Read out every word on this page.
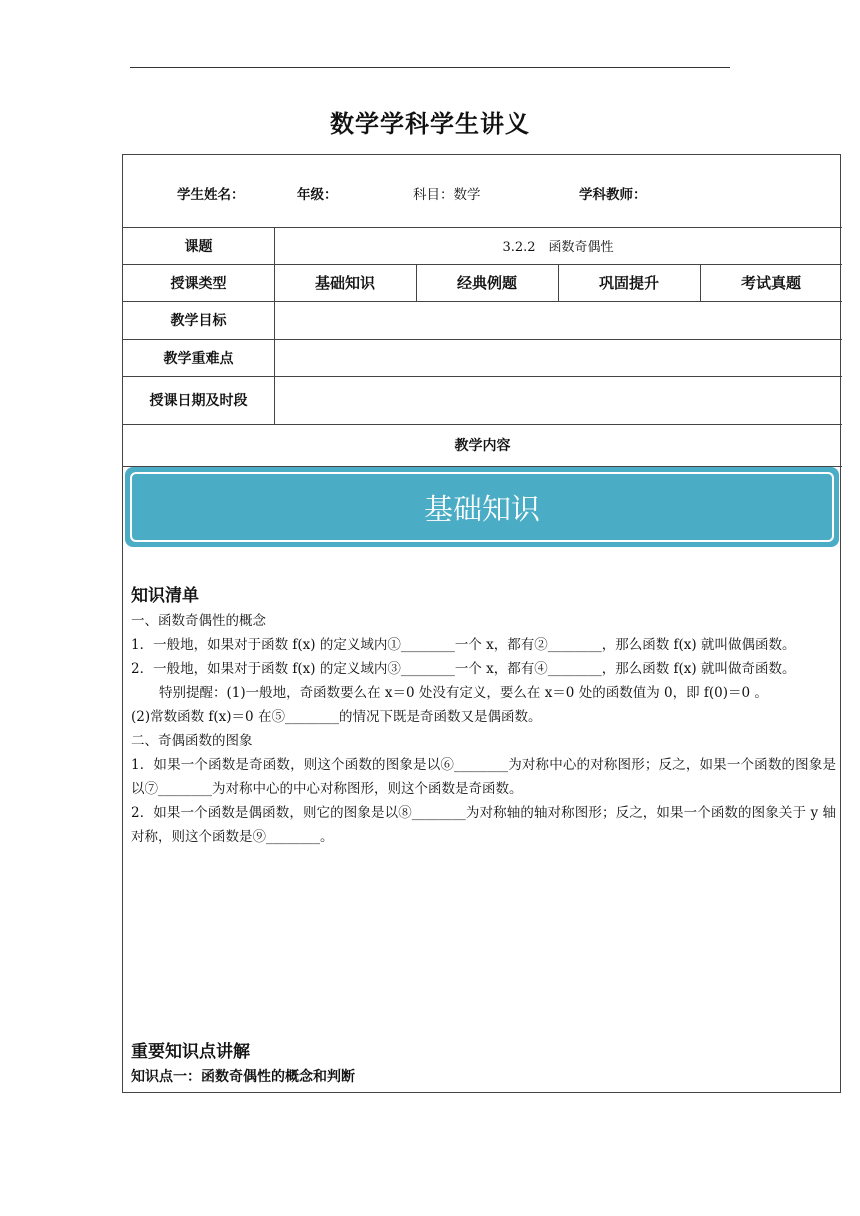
数学学科学生讲义
学生姓名：	年级：	科目：数学	学科教师：
课题	3.2.2　函数奇偶性
授课类型	基础知识	经典例题	巩固提升	考试真题
教学目标
教学重难点
授课日期及时段
教学内容
基础知识
知识清单

一、函数奇偶性的概念

1．一般地，如果对于函数 f(x) 的定义域内①________一个 x，都有②________，那么函数 f(x) 就叫做偶函数。

2．一般地，如果对于函数 f(x) 的定义域内③________一个 x，都有④________，那么函数 f(x) 就叫做奇函数。

特别提醒：(1)一般地，奇函数要么在 x＝0 处没有定义，要么在 x＝0 处的函数值为 0，即 f(0)＝0 。

(2)常数函数 f(x)＝0 在⑤________的情况下既是奇函数又是偶函数。

二、奇偶函数的图象

1．如果一个函数是奇函数，则这个函数的图象是以⑥________为对称中心的对称图形；反之，如果一个函数的图象是以⑦________为对称中心的中心对称图形，则这个函数是奇函数。

2．如果一个函数是偶函数，则它的图象是以⑧________为对称轴的轴对称图形；反之，如果一个函数的图象关于 y 轴对称，则这个函数是⑨________。

重要知识点讲解
知识点一：函数奇偶性的概念和判断
